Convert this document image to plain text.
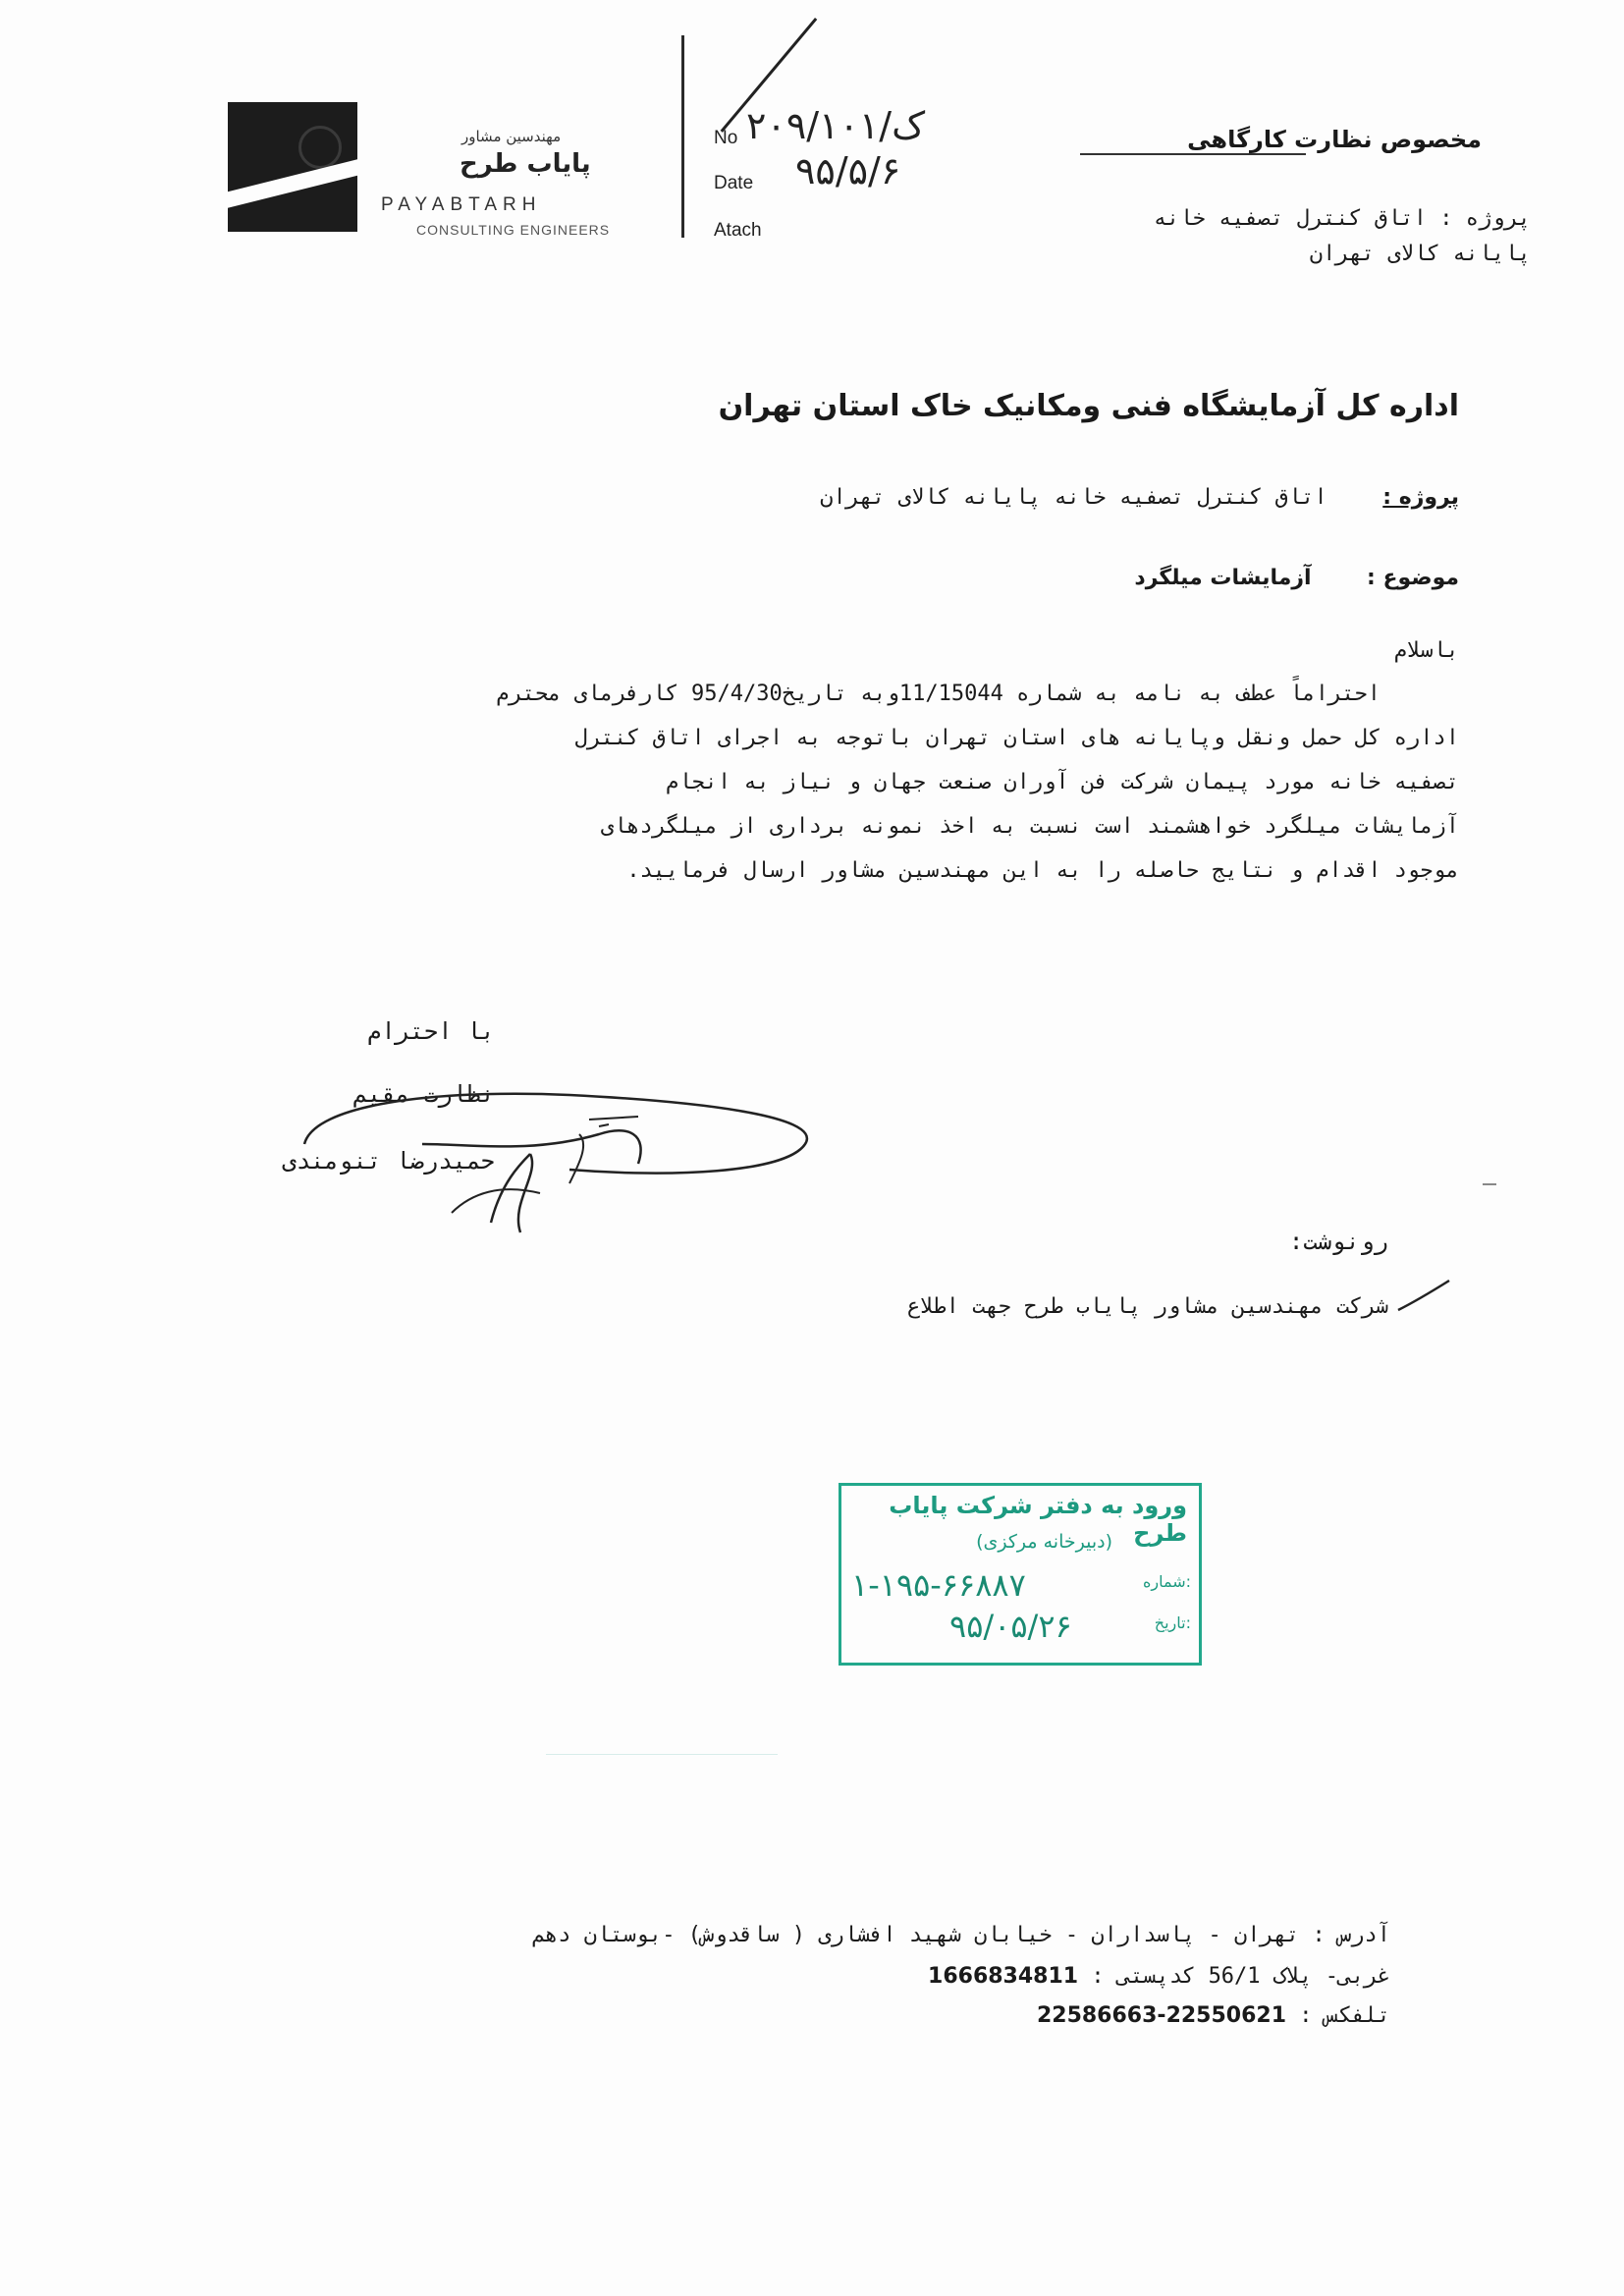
مهندسین مشاور
پایاب طرح
PAYABTARH
CONSULTING ENGINEERS
No ۲۰۹/ک/۱۰۱
Date ۹۵/۵/۶
Atach
مخصوص نظارت کارگاهی
پروژه : اتاق کنترل تصفیه خانه
پایانه کالای تهران
اداره کل آزمایشگاه فنی ومکانیک خاک استان تهران
پروژه :  اتاق کنترل تصفیه خانه پایانه کالای تهران
موضوع :  آزمایشات میلگرد
باسلام
احتراماً عطف به نامه به شماره 11/15044وبه تاریخ95/4/30 کارفرمای محترم
اداره کل حمل ونقل وپایانه های استان تهران باتوجه به اجرای اتاق کنترل
تصفیه خانه مورد پیمان شرکت فن آوران صنعت جهان و نیاز به انجام
آزمایشات میلگرد خواهشمند است نسبت به اخذ نمونه برداری از میلگردهای
موجود اقدام و نتایج حاصله را به این مهندسین مشاور ارسال فرمایید.
با احترام
نظارت مقیم
حمیدرضا تنومندی
رونوشت:
شرکت مهندسین مشاور پایاب طرح جهت اطلاع
ورود به دفتر شرکت پایاب طرح
(دبیرخانه مرکزی)
شماره:
۱-۱۹۵-۶۶۸۸۷
تاریخ:
۹۵/۰۵/۲۶
آدرس : تهران - پاسداران - خیابان شهید افشاری ( ساقدوش) -بوستان دهم
غربی- پلاک 56/1 کدپستی : 1666834811
تلفکس : 22550621-22586663
